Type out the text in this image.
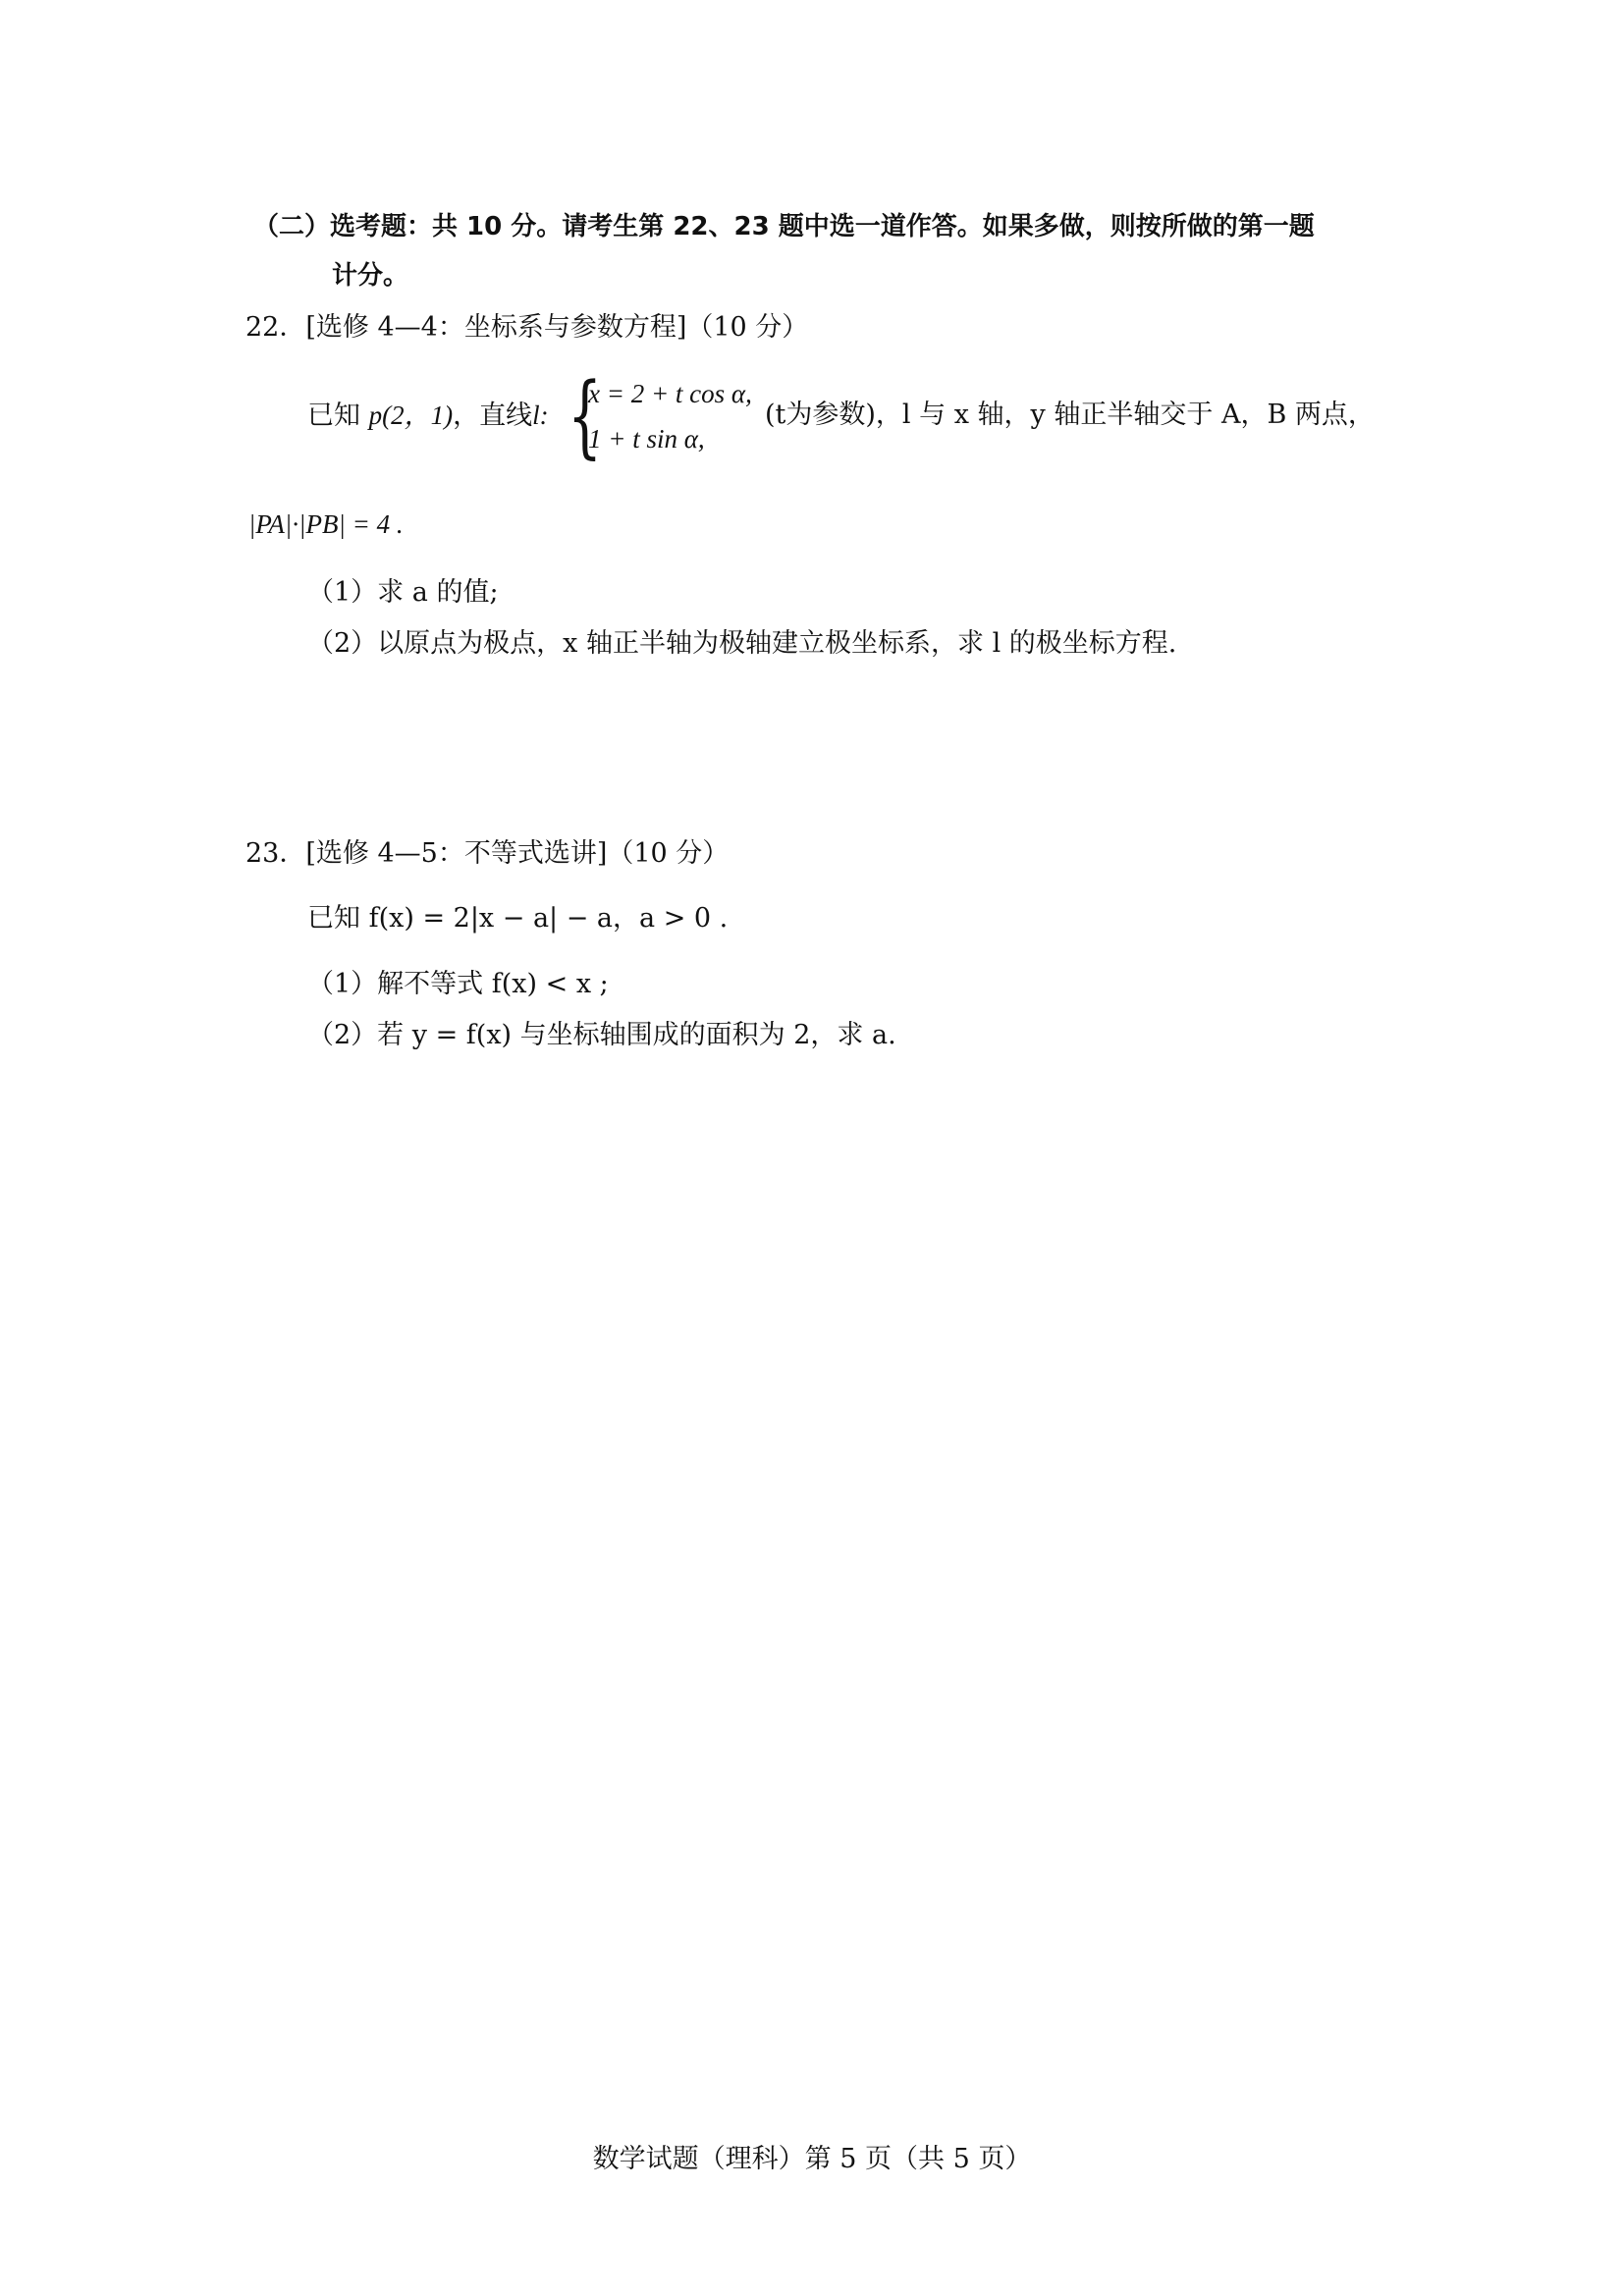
（二）选考题：共 10 分。请考生第 22、23 题中选一道作答。如果多做，则按所做的第一题
计分。
22．[选修 4—4：坐标系与参数方程]（10 分）
已知 p(2，1)，直线l: {
x = 2 + t cos α,
1 + t sin α,
(t为参数)，l 与 x 轴，y 轴正半轴交于 A，B 两点，
|PA|·|PB| = 4 .
（1）求 a 的值;
（2）以原点为极点，x 轴正半轴为极轴建立极坐标系，求 l 的极坐标方程.
23．[选修 4—5：不等式选讲]（10 分）
已知 f(x) = 2|x − a| − a，a > 0 .
（1）解不等式 f(x) < x ;
（2）若 y = f(x) 与坐标轴围成的面积为 2，求 a.
数学试题（理科）第 5 页（共 5 页）
